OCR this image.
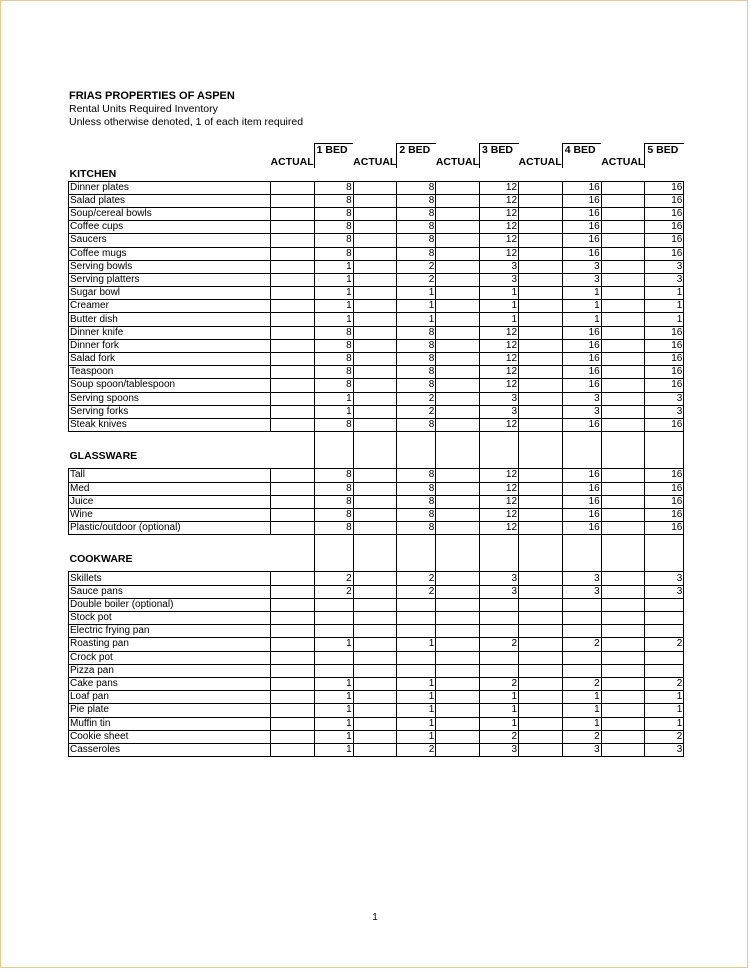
FRIAS PROPERTIES OF ASPEN
Rental Units Required Inventory
Unless otherwise denoted, 1 of each item required
		1 BED		2 BED		3 BED		4 BED		5 BED
	ACTUAL		ACTUAL		ACTUAL		ACTUAL		ACTUAL	
KITCHEN										
Dinner plates		8		8		12		16		16
Salad plates		8		8		12		16		16
Soup/cereal bowls		8		8		12		16		16
Coffee cups		8		8		12		16		16
Saucers		8		8		12		16		16
Coffee mugs		8		8		12		16		16
Serving bowls		1		2		3		3		3
Serving platters		1		2		3		3		3
Sugar bowl		1		1		1		1		1
Creamer		1		1		1		1		1
Butter dish		1		1		1		1		1
Dinner knife		8		8		12		16		16
Dinner fork		8		8		12		16		16
Salad fork		8		8		12		16		16
Teaspoon		8		8		12		16		16
Soup spoon/tablespoon		8		8		12		16		16
Serving spoons		1		2		3		3		3
Serving forks		1		2		3		3		3
Steak knives		8		8		12		16		16

GLASSWARE										
Tall		8		8		12		16		16
Med		8		8		12		16		16
Juice		8		8		12		16		16
Wine		8		8		12		16		16
Plastic/outdoor (optional)		8		8		12		16		16

COOKWARE										
Skillets		2		2		3		3		3
Sauce pans		2		2		3		3		3
Double boiler (optional)										
Stock pot										
Electric frying pan										
Roasting pan		1		1		2		2		2
Crock pot										
Pizza pan										
Cake pans		1		1		2		2		2
Loaf pan		1		1		1		1		1
Pie plate		1		1		1		1		1
Muffin tin		1		1		1		1		1
Cookie sheet		1		1		2		2		2
Casseroles		1		2		3		3		3
1
